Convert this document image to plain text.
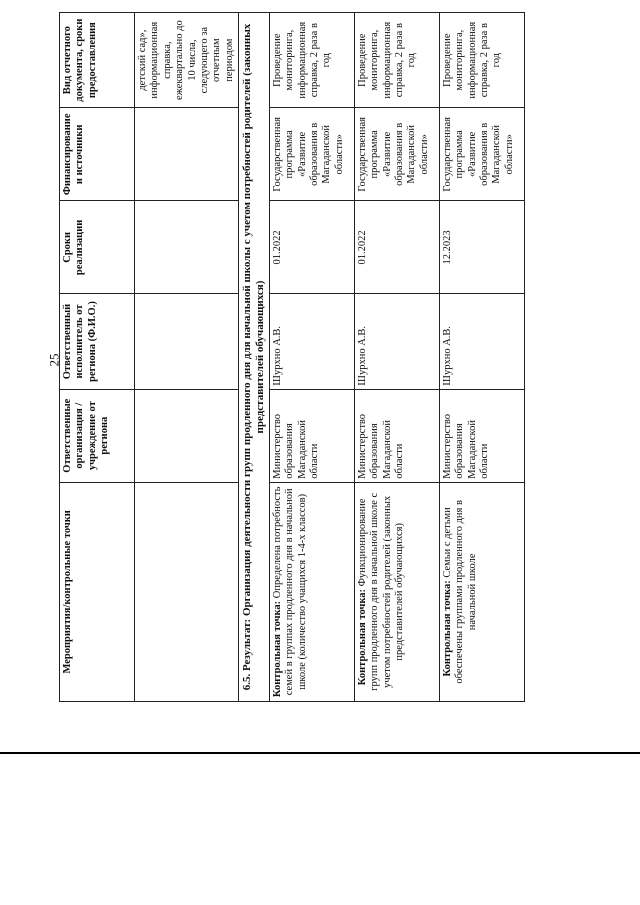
25
Мероприятия/контрольные точки	Ответственные организация / учреждение от региона	Ответственный исполнитель от региона (Ф.И.О.)	Сроки реализации	Финансирование и источники	Вид отчетного документа, сроки предоставления
					детский сад», информационная справка, ежеквартально до 10 числа, следующего за отчетным периодом
6.5. Результат: Организация деятельности групп продленного дня для начальной школы с учетом потребностей родителей (законных представителей обучающихся)					
Контрольная точка: Определена потребность семей в группах продленного дня в начальной школе (количество учащихся 1-4-х классов)	Министерство образования Магаданской области	Шурхно А.В.	01.2022	Государственная программа «Развитие образования в Магаданской области»	Проведение мониторинга, информационная справка, 2 раза в год
Контрольная точка: Функционирование групп продленного дня в начальной школе с учетом потребностей родителей (законных представителей обучающихся)	Министерство образования Магаданской области	Шурхно А.В.	01.2022	Государственная программа «Развитие образования в Магаданской области»	Проведение мониторинга, информационная справка, 2 раза в год
Контрольная точка: Семьи с детьми обеспечены группами продленного дня в начальной школе	Министерство образования Магаданской области	Шурхно А.В.	12.2023	Государственная программа «Развитие образования в Магаданской области»	Проведение мониторинга, информационная справка, 2 раза в год
